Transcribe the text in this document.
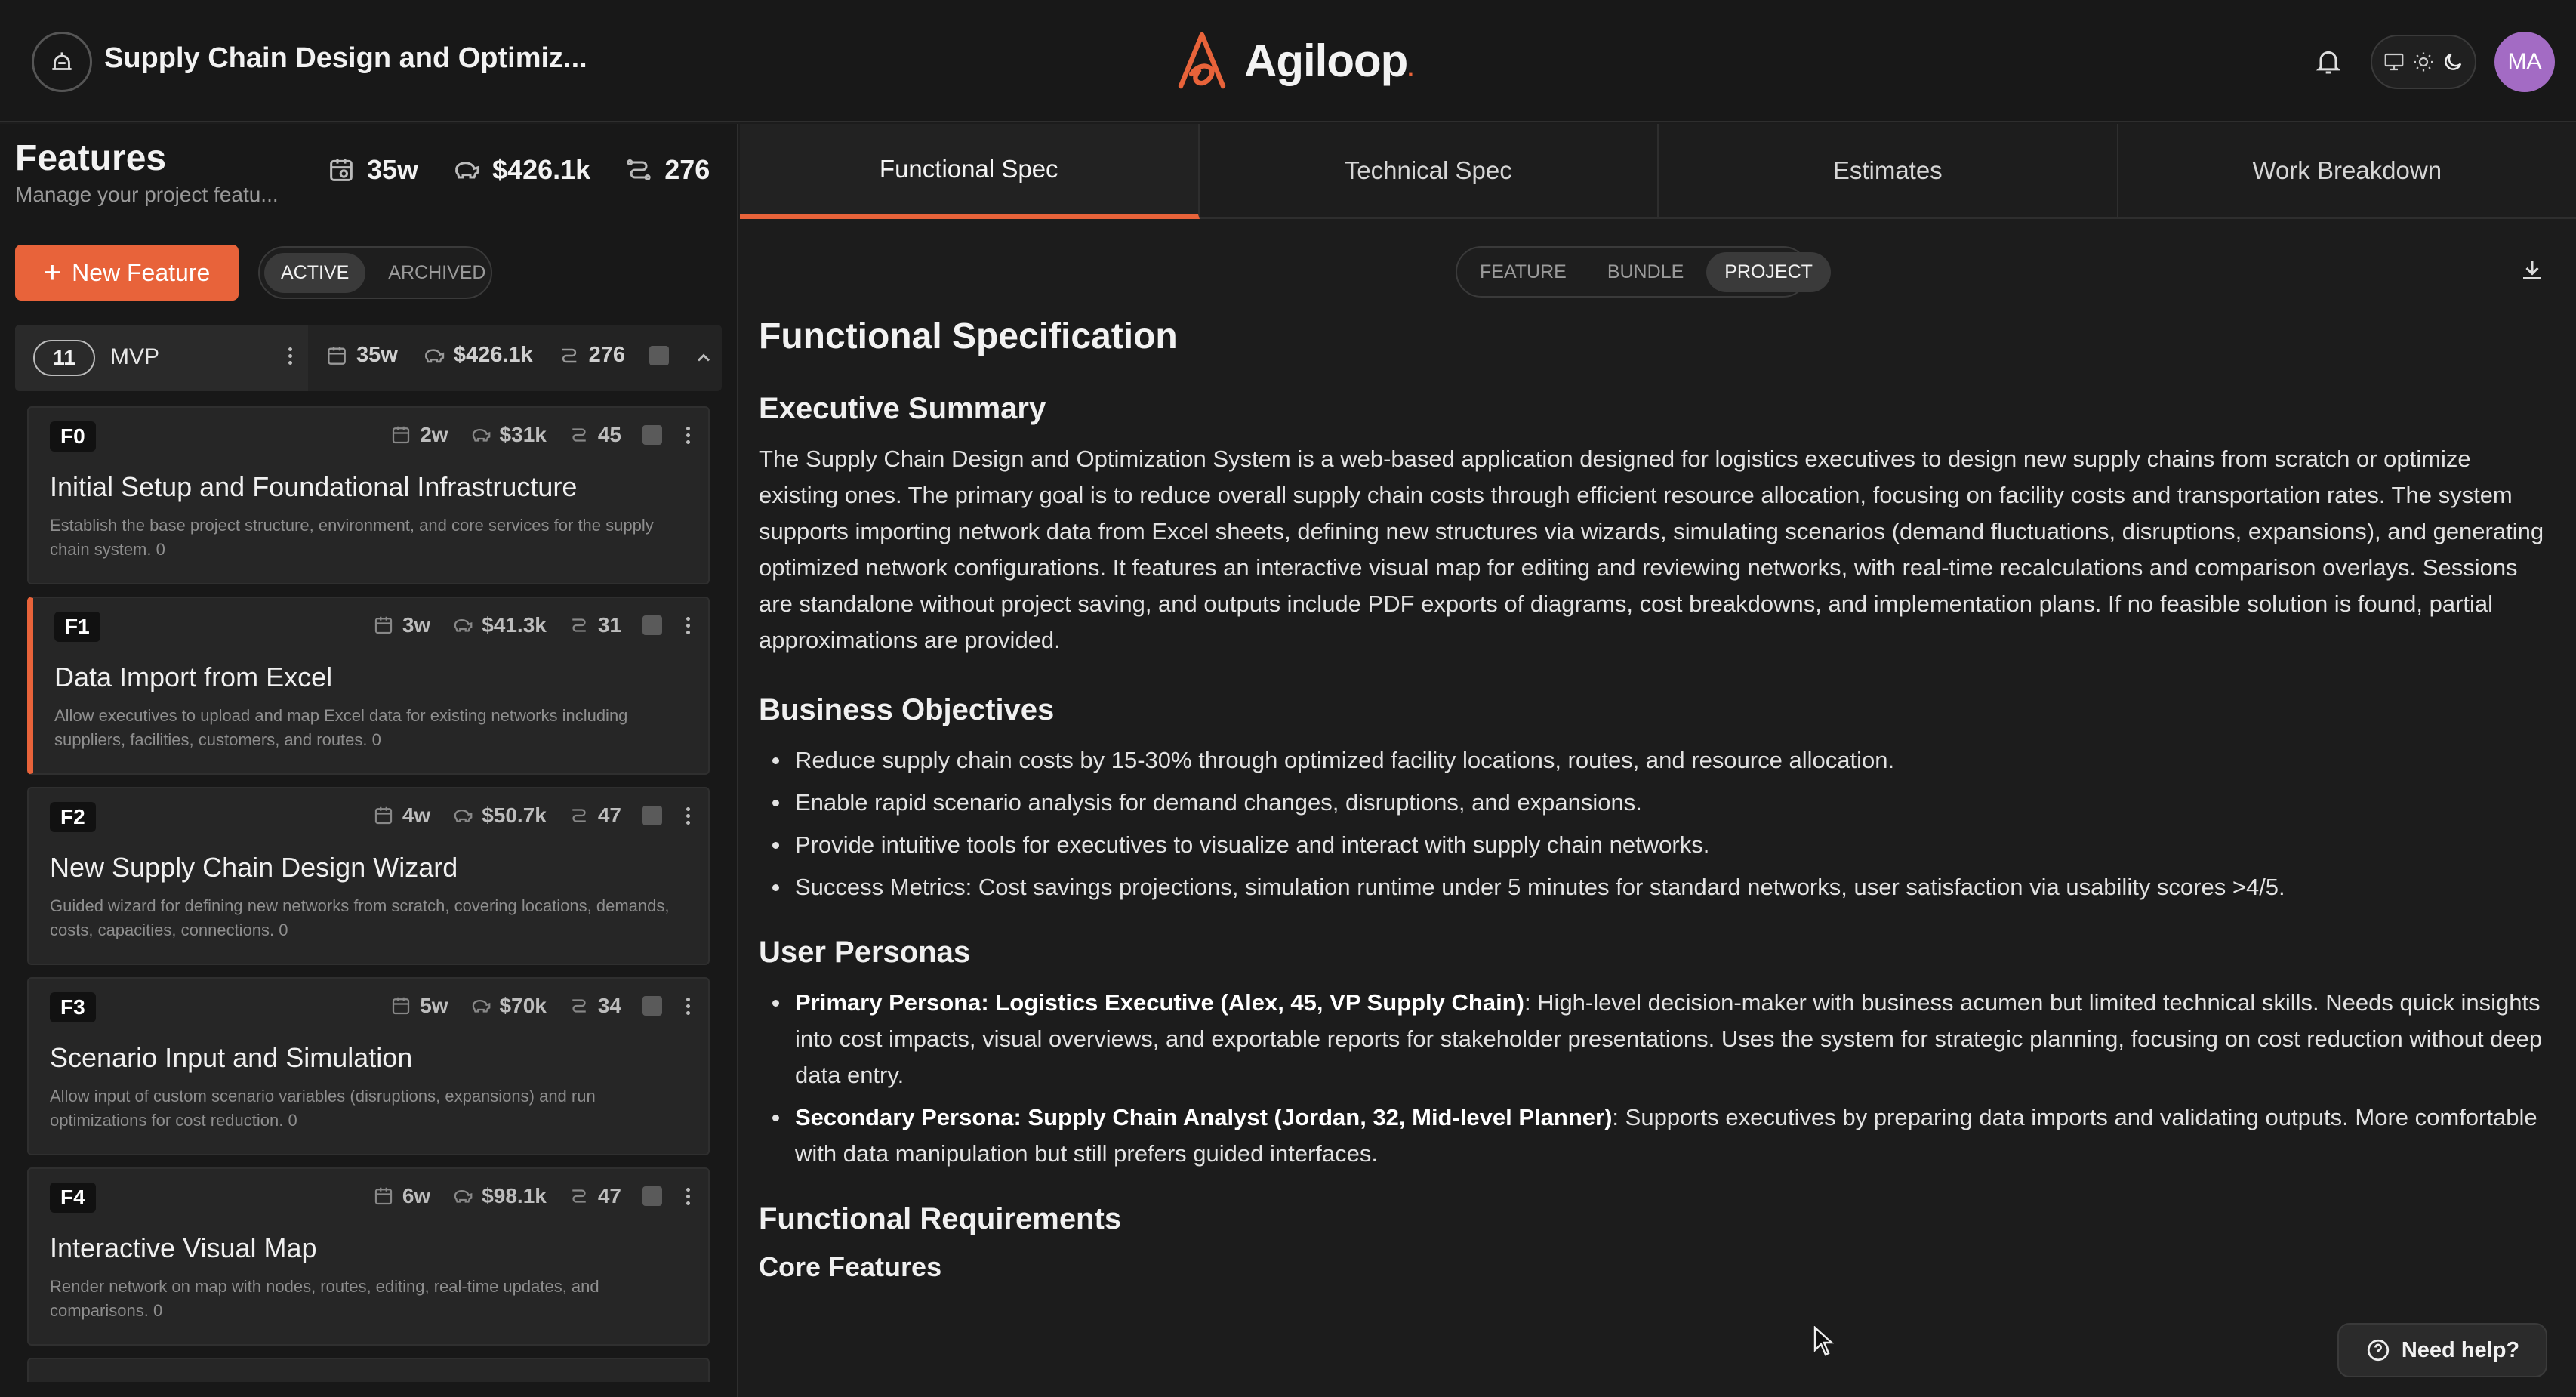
Supply Chain Design and Optimiz...	Agiloop.	MA
Features
Manage your project featu...
35w	$426.1k	276
+ New Feature	ACTIVE	ARCHIVED
11	MVP	35w	$426.1k	276
F0	2w $31k 45
Initial Setup and Foundational Infrastructure
Establish the base project structure, environment, and core services for the supply chain system. 0
F1	3w $41.3k 31
Data Import from Excel
Allow executives to upload and map Excel data for existing networks including suppliers, facilities, customers, and routes. 0
F2	4w $50.7k 47
New Supply Chain Design Wizard
Guided wizard for defining new networks from scratch, covering locations, demands, costs, capacities, connections. 0
F3	5w $70k 34
Scenario Input and Simulation
Allow input of custom scenario variables (disruptions, expansions) and run optimizations for cost reduction. 0
F4	6w $98.1k 47
Interactive Visual Map
Render network on map with nodes, routes, editing, real-time updates, and comparisons. 0
Functional Spec	Technical Spec	Estimates	Work Breakdown
FEATURE	BUNDLE	PROJECT
Functional Specification
Executive Summary

The Supply Chain Design and Optimization System is a web-based application designed for logistics executives to design new supply chains from scratch or optimize existing ones. The primary goal is to reduce overall supply chain costs through efficient resource allocation, focusing on facility costs and transportation rates. The system supports importing network data from Excel sheets, defining new structures via wizards, simulating scenarios (demand fluctuations, disruptions, expansions), and generating optimized network configurations. It features an interactive visual map for editing and reviewing networks, with real-time recalculations and comparison overlays. Sessions are standalone without project saving, and outputs include PDF exports of diagrams, cost breakdowns, and implementation plans. If no feasible solution is found, partial approximations are provided.

Business Objectives
Reduce supply chain costs by 15-30% through optimized facility locations, routes, and resource allocation.
Enable rapid scenario analysis for demand changes, disruptions, and expansions.
Provide intuitive tools for executives to visualize and interact with supply chain networks.
Success Metrics: Cost savings projections, simulation runtime under 5 minutes for standard networks, user satisfaction via usability scores >4/5.
User Personas
Primary Persona: Logistics Executive (Alex, 45, VP Supply Chain): High-level decision-maker with business acumen but limited technical skills. Needs quick insights into cost impacts, visual overviews, and exportable reports for stakeholder presentations. Uses the system for strategic planning, focusing on cost reduction without deep data entry.
Secondary Persona: Supply Chain Analyst (Jordan, 32, Mid-level Planner): Supports executives by preparing data imports and validating outputs. More comfortable with data manipulation but still prefers guided interfaces.
Functional Requirements
Core Features
Need help?
